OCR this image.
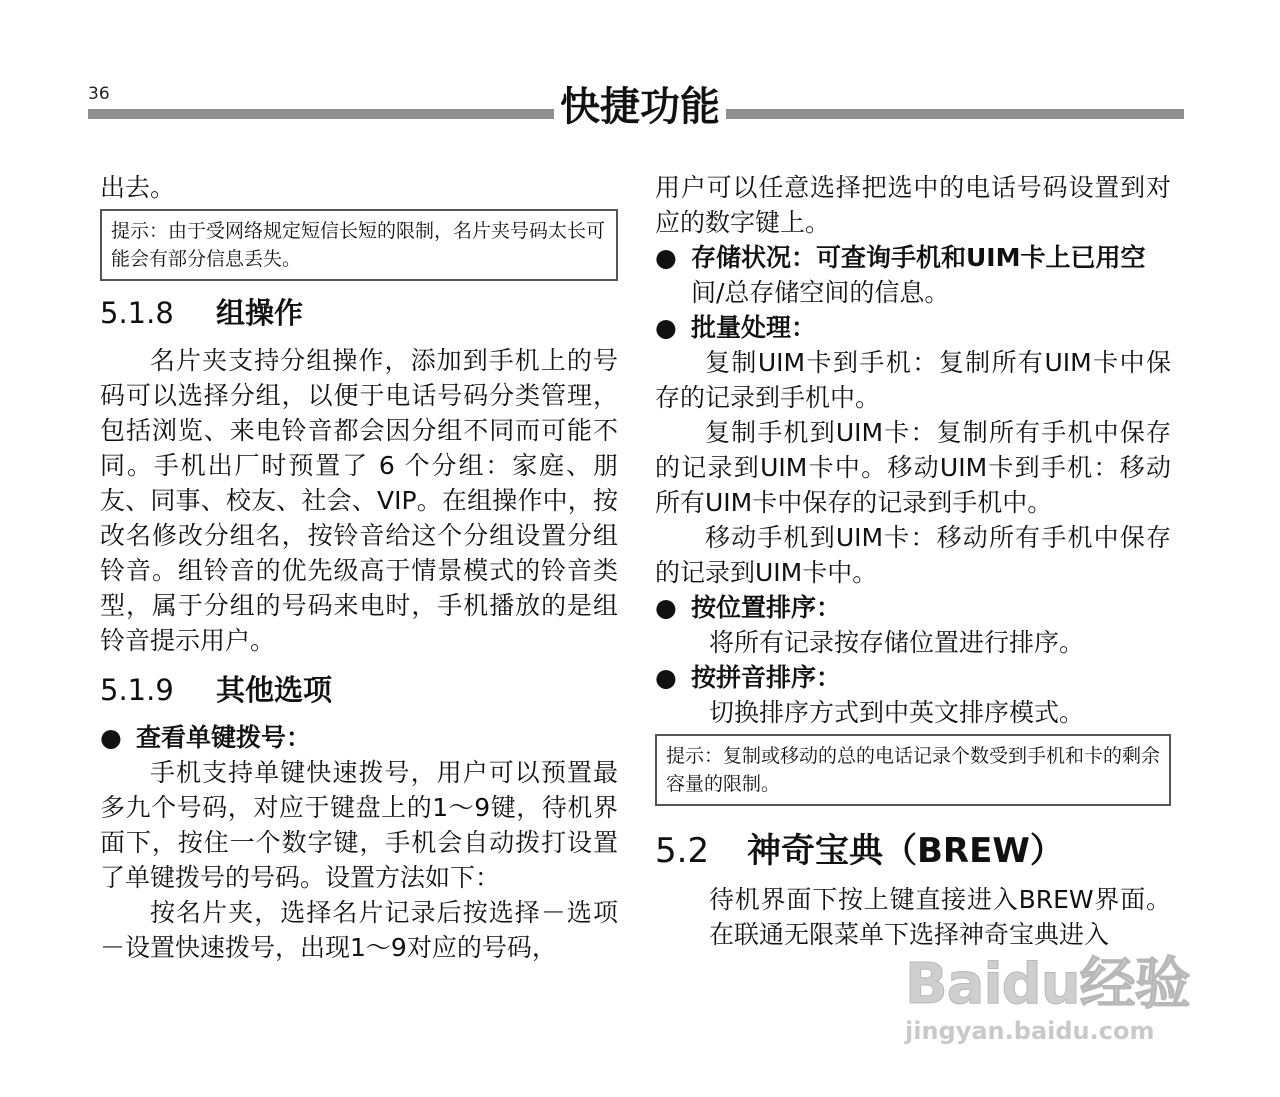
36	快捷功能

出去。

提示：由于受网络规定短信长短的限制，名片夹号码太长可能会有部分信息丢失。
5.1.8 组操作

名片夹支持分组操作，添加到手机上的号码可以选择分组，以便于电话号码分类管理，包括浏览、来电铃音都会因分组不同而可能不同。手机出厂时预置了 6 个分组：家庭、朋友、同事、校友、社会、VIP。在组操作中，按改名修改分组名，按铃音给这个分组设置分组铃音。组铃音的优先级高于情景模式的铃音类型，属于分组的号码来电时，手机播放的是组铃音提示用户。

5.1.9 其他选项

● 查看单键拨号：

手机支持单键快速拨号，用户可以预置最多九个号码，对应于键盘上的1～9键，待机界面下，按住一个数字键，手机会自动拨打设置了单键拨号的号码。设置方法如下：

按名片夹，选择名片记录后按选择－选项－设置快速拨号，出现1～9对应的号码，

用户可以任意选择把选中的电话号码设置到对应的数字键上。

● 存储状况：可查询手机和UIM卡上已用空

间/总存储空间的信息。

● 批量处理：

复制UIM卡到手机：复制所有UIM卡中保存的记录到手机中。

复制手机到UIM卡：复制所有手机中保存的记录到UIM卡中。移动UIM卡到手机：移动所有UIM卡中保存的记录到手机中。

移动手机到UIM卡：移动所有手机中保存的记录到UIM卡中。

● 按位置排序：

将所有记录按存储位置进行排序。

● 按拼音排序：

切换排序方式到中英文排序模式。

提示：复制或移动的总的电话记录个数受到手机和卡的剩余容量的限制。
5.2 神奇宝典（BREW）

待机界面下按上键直接进入BREW界面。在联通无限菜单下选择神奇宝典进入

Baidu经验
jingyan.baidu.com
